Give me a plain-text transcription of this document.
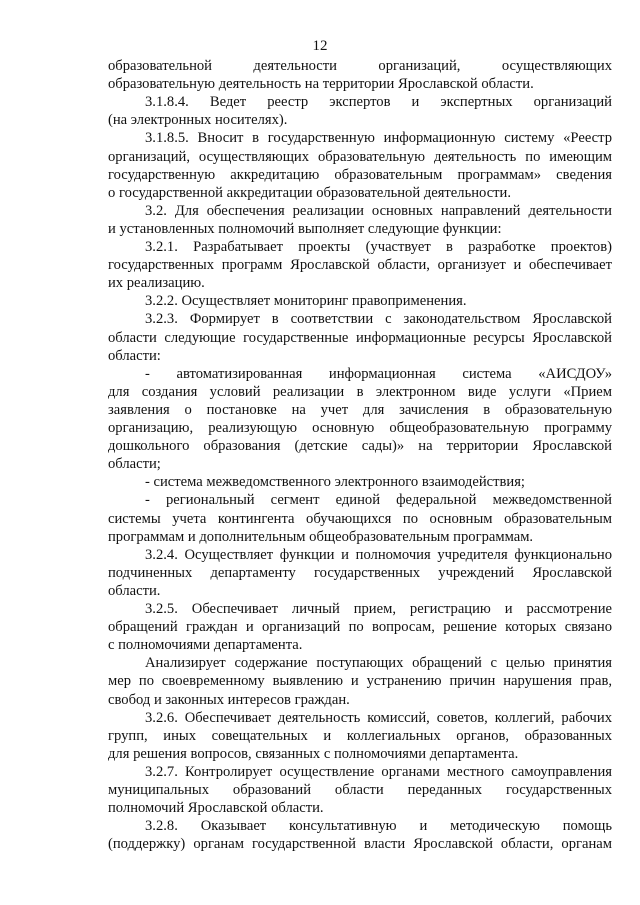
12
образовательной деятельности организаций, осуществляющих
образовательную деятельность на территории Ярославской области.
3.1.8.4. Ведет реестр экспертов и экспертных организаций
(на электронных носителях).
3.1.8.5. Вносит в государственную информационную систему «Реестр
организаций, осуществляющих образовательную деятельность по имеющим
государственную аккредитацию образовательным программам» сведения
о государственной аккредитации образовательной деятельности.
3.2. Для обеспечения реализации основных направлений деятельности
и установленных полномочий выполняет следующие функции:
3.2.1. Разрабатывает проекты (участвует в разработке проектов)
государственных программ Ярославской области, организует и обеспечивает
их реализацию.
3.2.2. Осуществляет мониторинг правоприменения.
3.2.3. Формирует в соответствии с законодательством Ярославской
области следующие государственные информационные ресурсы Ярославской
области:
- автоматизированная информационная система «АИСДОУ»
для создания условий реализации в электронном виде услуги «Прием
заявления о постановке на учет для зачисления в образовательную
организацию, реализующую основную общеобразовательную программу
дошкольного образования (детские сады)» на территории Ярославской
области;
- система межведомственного электронного взаимодействия;
- региональный сегмент единой федеральной межведомственной
системы учета контингента обучающихся по основным образовательным
программам и дополнительным общеобразовательным программам.
3.2.4. Осуществляет функции и полномочия учредителя функционально
подчиненных департаменту государственных учреждений Ярославской
области.
3.2.5. Обеспечивает личный прием, регистрацию и рассмотрение
обращений граждан и организаций по вопросам, решение которых связано
с полномочиями департамента.
Анализирует содержание поступающих обращений с целью принятия
мер по своевременному выявлению и устранению причин нарушения прав,
свобод и законных интересов граждан.
3.2.6. Обеспечивает деятельность комиссий, советов, коллегий, рабочих
групп, иных совещательных и коллегиальных органов, образованных
для решения вопросов, связанных с полномочиями департамента.
3.2.7. Контролирует осуществление органами местного самоуправления
муниципальных образований области переданных государственных
полномочий Ярославской области.
3.2.8. Оказывает консультативную и методическую помощь
(поддержку) органам государственной власти Ярославской области, органам
